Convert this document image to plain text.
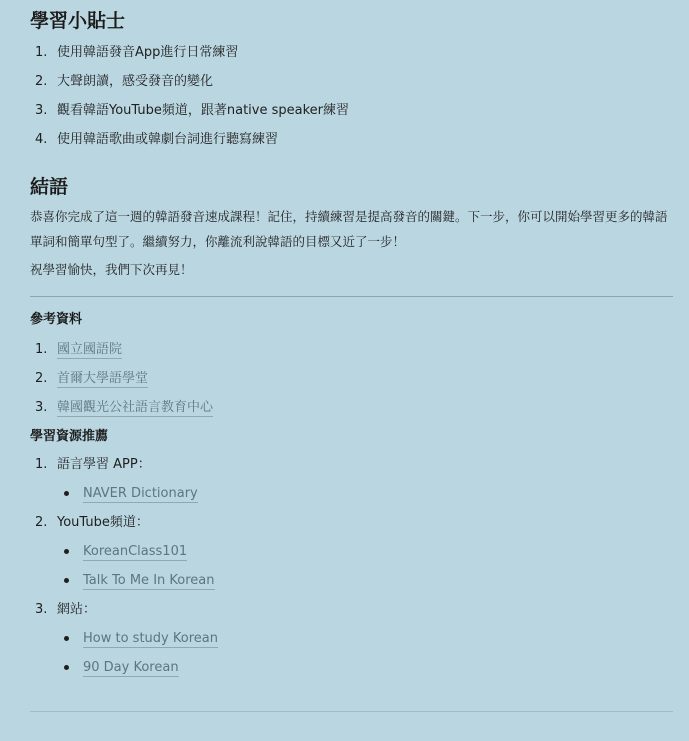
學習小貼士
1. 使用韓語發音App進行日常練習
2. 大聲朗讀，感受發音的變化
3. 觀看韓語YouTube頻道，跟著native speaker練習
4. 使用韓語歌曲或韓劇台詞進行聽寫練習
結語

恭喜你完成了這一週的韓語發音速成課程！記住，持續練習是提高發音的關鍵。下一步，你可以開始學習更多的韓語單詞和簡單句型了。繼續努力，你離流利說韓語的目標又近了一步！

祝學習愉快，我們下次再見！

參考資料
1. 國立國語院
2. 首爾大學語學堂
3. 韓國觀光公社語言教育中心
學習資源推薦
1. 語言學習 APP：
NAVER Dictionary
2. YouTube頻道：
KoreanClass101
Talk To Me In Korean
3. 網站：
How to study Korean
90 Day Korean
